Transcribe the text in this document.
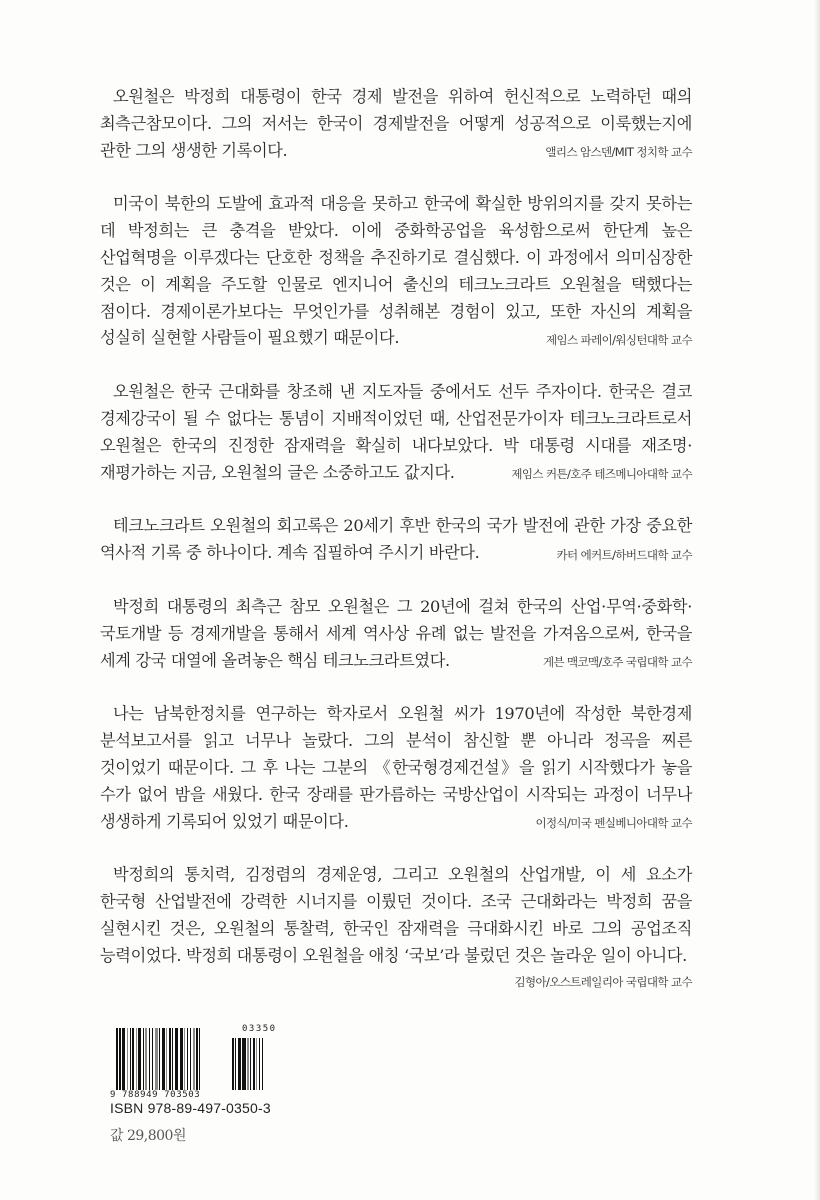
오원철은 박정희 대통령이 한국 경제 발전을 위하여 헌신적으로 노력하던 때의 최측근참모이다. 그의 저서는 한국이 경제발전을 어떻게 성공적으로 이룩했는지에 관한 그의 생생한 기록이다.	앨리스 암스덴/MIT 정치학 교수

미국이 북한의 도발에 효과적 대응을 못하고 한국에 확실한 방위의지를 갖지 못하는 데 박정희는 큰 충격을 받았다. 이에 중화학공업을 육성함으로써 한단계 높은 산업혁명을 이루겠다는 단호한 정책을 추진하기로 결심했다. 이 과정에서 의미심장한 것은 이 계획을 주도할 인물로 엔지니어 출신의 테크노크라트 오원철을 택했다는 점이다. 경제이론가보다는 무엇인가를 성취해본 경험이 있고, 또한 자신의 계획을 성실히 실현할 사람들이 필요했기 때문이다.	제임스 파레이/워싱턴대학 교수

오원철은 한국 근대화를 창조해 낸 지도자들 중에서도 선두 주자이다. 한국은 결코 경제강국이 될 수 없다는 통념이 지배적이었던 때, 산업전문가이자 테크노크라트로서 오원철은 한국의 진정한 잠재력을 확실히 내다보았다. 박 대통령 시대를 재조명·재평가하는 지금, 오원철의 글은 소중하고도 값지다.	제임스 커튼/호주 테즈메니아대학 교수

테크노크라트 오원철의 회고록은 20세기 후반 한국의 국가 발전에 관한 가장 중요한 역사적 기록 중 하나이다. 계속 집필하여 주시기 바란다.	카터 에커트/하버드대학 교수

박정희 대통령의 최측근 참모 오원철은 그 20년에 걸쳐 한국의 산업·무역·중화학·국토개발 등 경제개발을 통해서 세계 역사상 유례 없는 발전을 가져옴으로써, 한국을 세계 강국 대열에 올려놓은 핵심 테크노크라트였다.	게븐 맥코맥/호주 국립대학 교수

나는 남북한정치를 연구하는 학자로서 오원철 씨가 1970년에 작성한 북한경제 분석보고서를 읽고 너무나 놀랐다. 그의 분석이 참신할 뿐 아니라 정곡을 찌른 것이었기 때문이다. 그 후 나는 그분의 《한국형경제건설》을 읽기 시작했다가 놓을 수가 없어 밤을 새웠다. 한국 장래를 판가름하는 국방산업이 시작되는 과정이 너무나 생생하게 기록되어 있었기 때문이다.	이정식/미국 펜실베니아대학 교수

박정희의 통치력, 김정렴의 경제운영, 그리고 오원철의 산업개발, 이 세 요소가 한국형 산업발전에 강력한 시너지를 이뤘던 것이다. 조국 근대화라는 박정희 꿈을 실현시킨 것은, 오원철의 통찰력, 한국인 잠재력을 극대화시킨 바로 그의 공업조직 능력이었다. 박정희 대통령이 오원철을 애칭 ‘국보’라 불렀던 것은 놀라운 일이 아니다.

김형아/오스트레일리아 국립대학 교수
03350
9 788949 703503
ISBN 978-89-497-0350-3
값 29,800원
